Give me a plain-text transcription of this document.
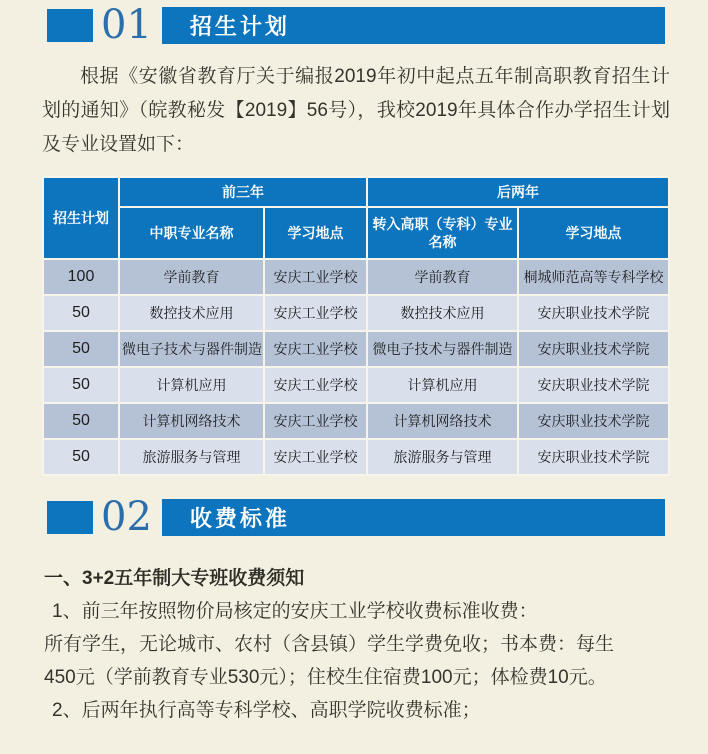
01 招生计划

根据《安徽省教育厅关于编报2019年初中起点五年制高职教育招生计划的通知》（皖教秘发【2019】56号），我校2019年具体合作办学招生计划及专业设置如下：

招生计划	前三年		后两年	
	中职专业名称	学习地点	转入高职（专科）专业名称	学习地点
100	学前教育	安庆工业学校	学前教育	桐城师范高等专科学校
50	数控技术应用	安庆工业学校	数控技术应用	安庆职业技术学院
50	微电子技术与器件制造	安庆工业学校	微电子技术与器件制造	安庆职业技术学院
50	计算机应用	安庆工业学校	计算机应用	安庆职业技术学院
50	计算机网络技术	安庆工业学校	计算机网络技术	安庆职业技术学院
50	旅游服务与管理	安庆工业学校	旅游服务与管理	安庆职业技术学院
02 收费标准

一、3+2五年制大专班收费须知

1、前三年按照物价局核定的安庆工业学校收费标准收费：

所有学生，无论城市、农村（含县镇）学生学费免收；书本费：每生

450元（学前教育专业530元）；住校生住宿费100元；体检费10元。

2、后两年执行高等专科学校、高职学院收费标准；
